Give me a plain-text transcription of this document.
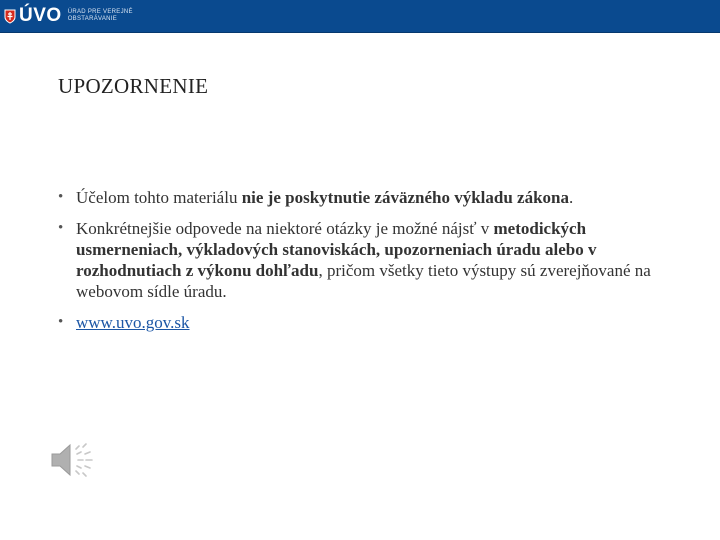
ÚVO ÚRAD PRE VEREJNÉ
OBSTARÁVANIE
UPOZORNENIE
• Účelom tohto materiálu nie je poskytnutie záväzného výkladu zákona.
• Konkrétnejšie odpovede na niektoré otázky je možné nájsť v metodických usmerneniach, výkladových stanoviskách, upozorneniach úradu alebo v rozhodnutiach z výkonu dohľadu, pričom všetky tieto výstupy sú zverejňované na webovom sídle úradu.
• www.uvo.gov.sk
